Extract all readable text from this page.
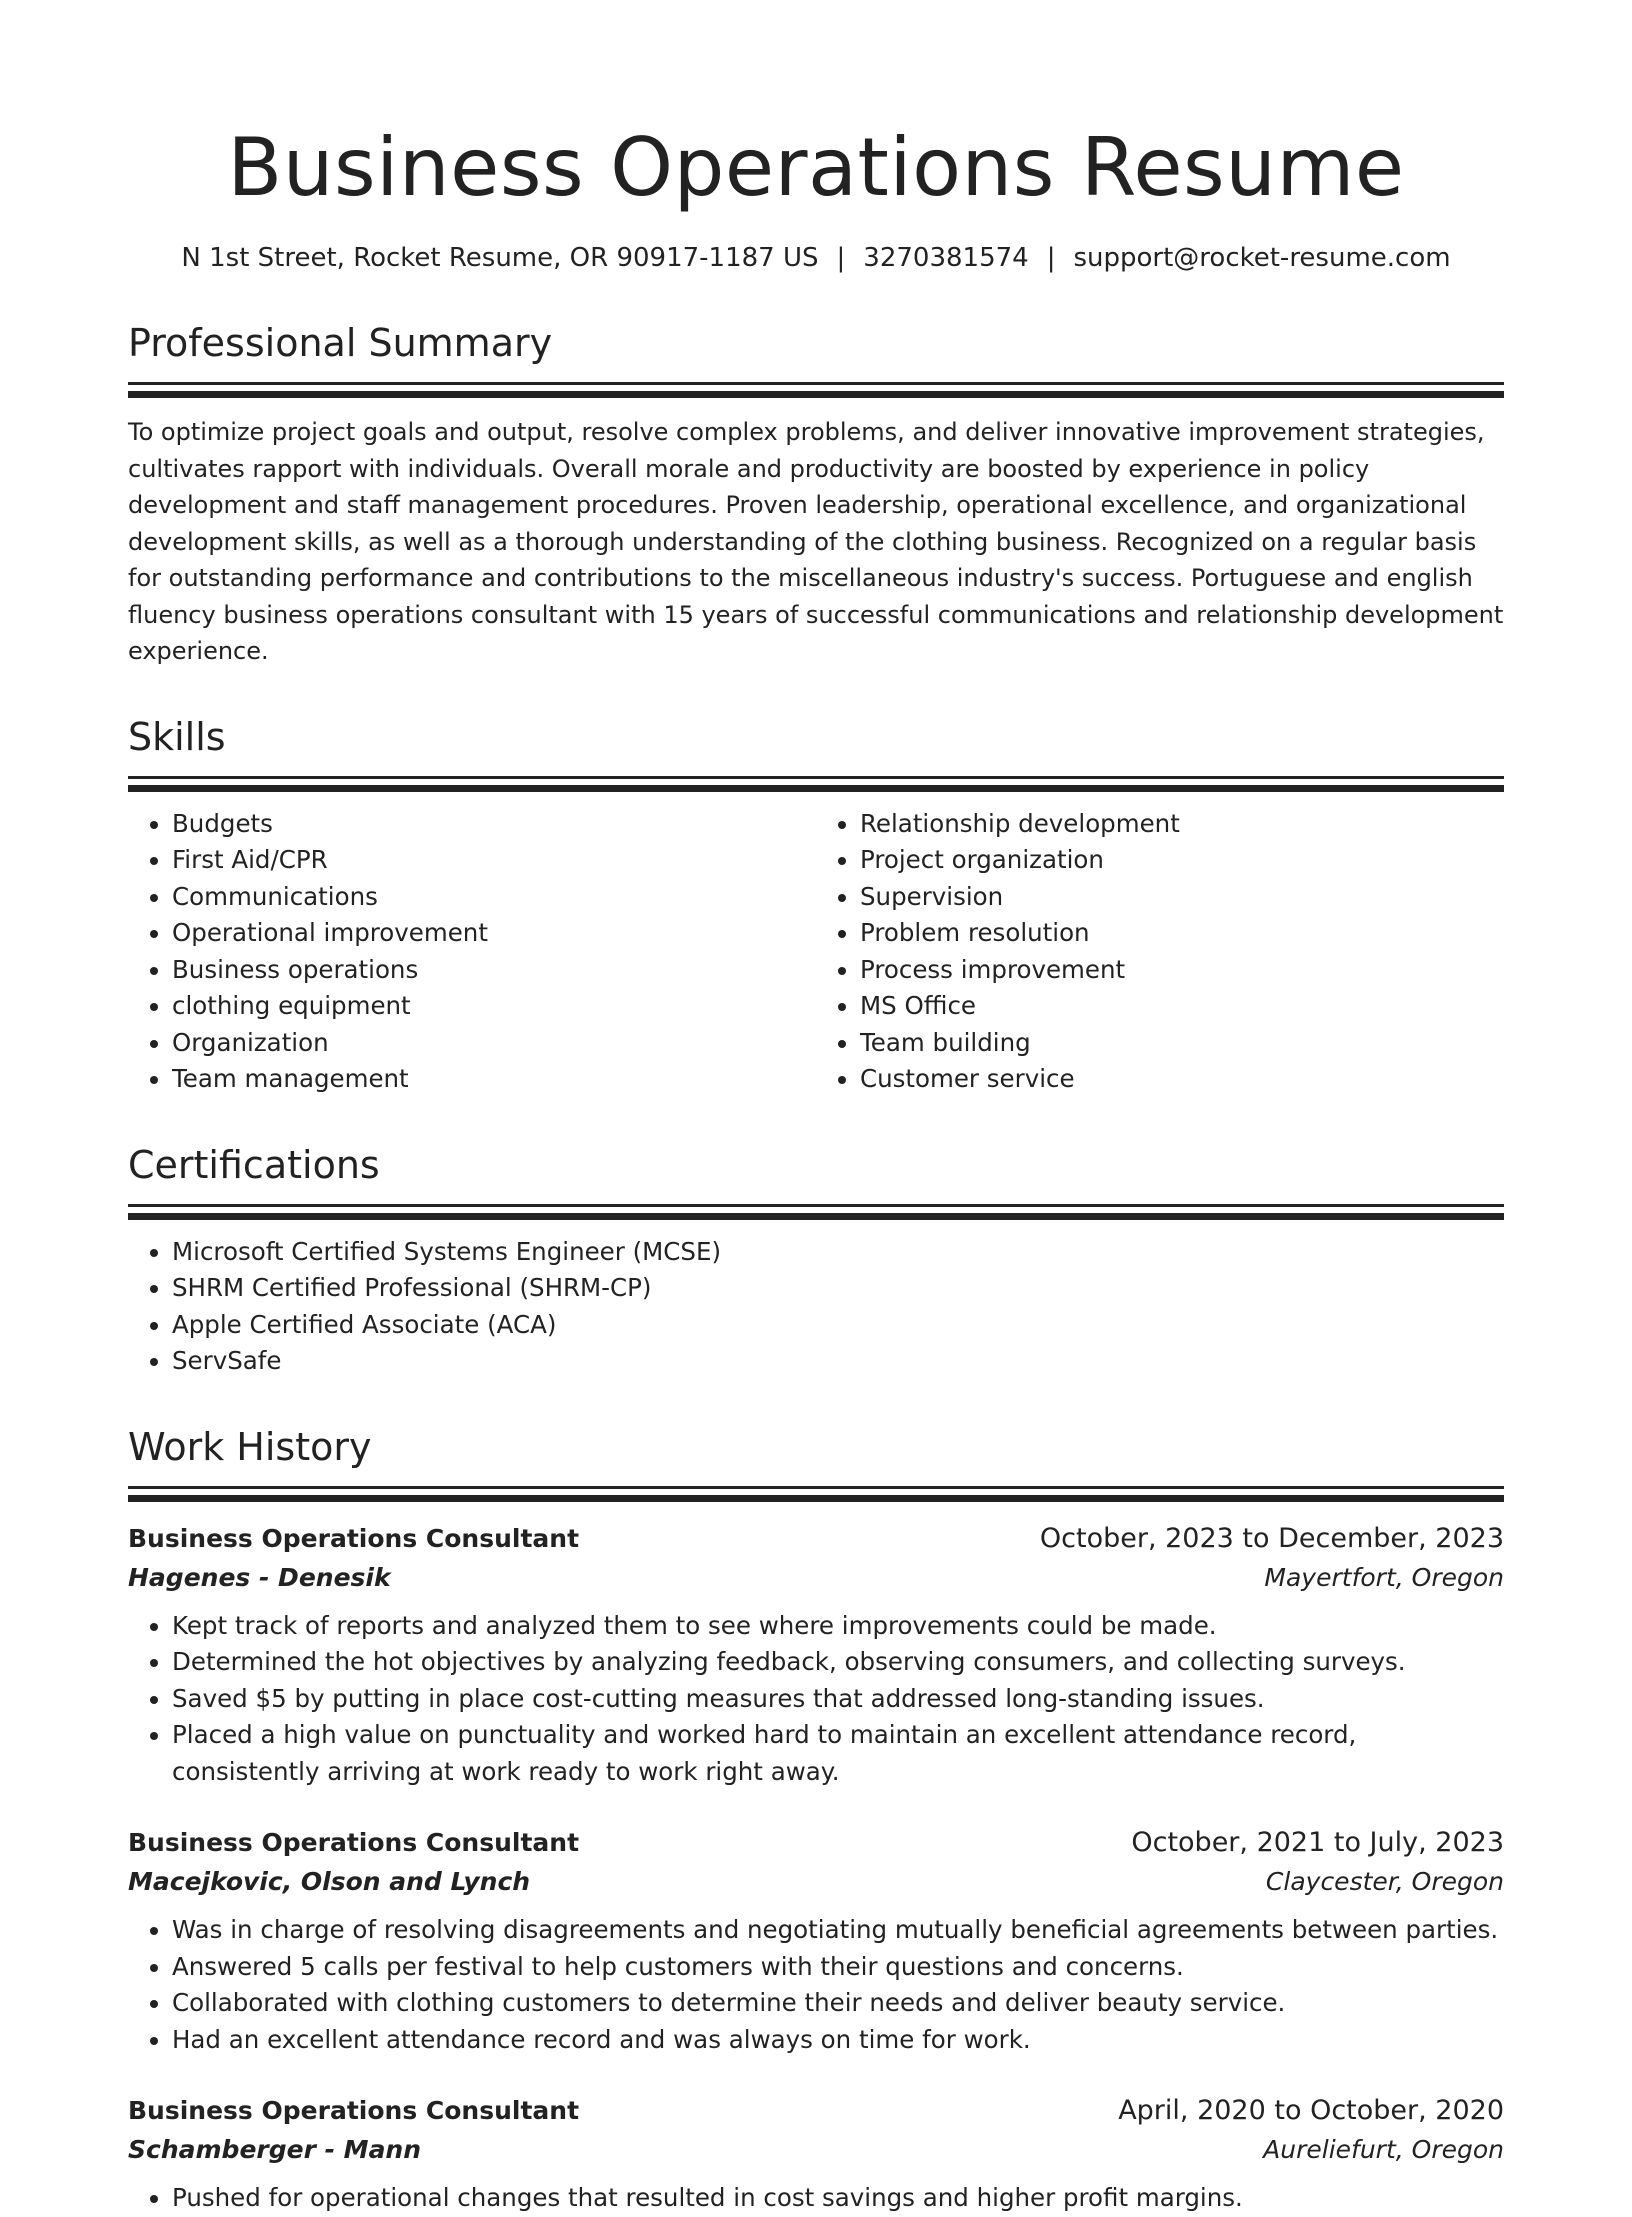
Business Operations Resume
N 1st Street, Rocket Resume, OR 90917-1187 US | 3270381574 | support@rocket-resume.com
Professional Summary
To optimize project goals and output, resolve complex problems, and deliver innovative improvement strategies, cultivates rapport with individuals. Overall morale and productivity are boosted by experience in policy development and staff management procedures. Proven leadership, operational excellence, and organizational development skills, as well as a thorough understanding of the clothing business. Recognized on a regular basis for outstanding performance and contributions to the miscellaneous industry's success. Portuguese and english fluency business operations consultant with 15 years of successful communications and relationship development experience.
Skills
• Budgets
• First Aid/CPR
• Communications
• Operational improvement
• Business operations
• clothing equipment
• Organization
• Team management
• Relationship development
• Project organization
• Supervision
• Problem resolution
• Process improvement
• MS Office
• Team building
• Customer service
Certifications
• Microsoft Certified Systems Engineer (MCSE)
• SHRM Certified Professional (SHRM-CP)
• Apple Certified Associate (ACA)
• ServSafe
Work History
Business Operations Consultant	October, 2023 to December, 2023
Hagenes - Denesik	Mayertfort, Oregon
• Kept track of reports and analyzed them to see where improvements could be made.
• Determined the hot objectives by analyzing feedback, observing consumers, and collecting surveys.
• Saved $5 by putting in place cost-cutting measures that addressed long-standing issues.
• Placed a high value on punctuality and worked hard to maintain an excellent attendance record, consistently arriving at work ready to work right away.
Business Operations Consultant	October, 2021 to July, 2023
Macejkovic, Olson and Lynch	Claycester, Oregon
• Was in charge of resolving disagreements and negotiating mutually beneficial agreements between parties.
• Answered 5 calls per festival to help customers with their questions and concerns.
• Collaborated with clothing customers to determine their needs and deliver beauty service.
• Had an excellent attendance record and was always on time for work.
Business Operations Consultant	April, 2020 to October, 2020
Schamberger - Mann	Aureliefurt, Oregon
• Pushed for operational changes that resulted in cost savings and higher profit margins.
